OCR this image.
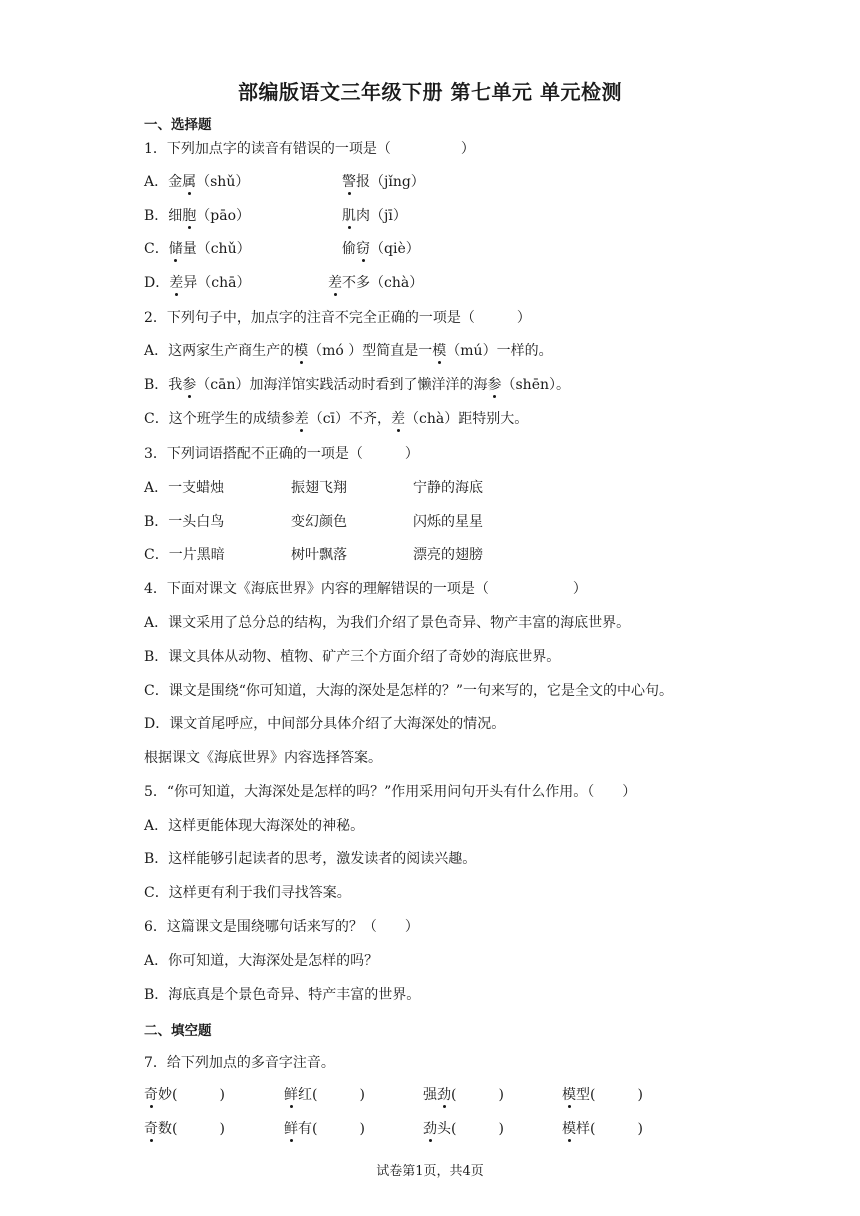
部编版语文三年级下册 第七单元 单元检测
一、选择题
1．下列加点字的读音有错误的一项是（　　　　　）
A．金属（shǔ）	警报（jǐng）
B．细胞（pāo）	肌肉（jī）
C．储量（chǔ）	偷窃（qiè）
D．差异（chā）	差不多（chà）
2．下列句子中，加点字的注音不完全正确的一项是（　　　）
A．这两家生产商生产的模（mó ）型简直是一模（mú）一样的。
B．我参（cān）加海洋馆实践活动时看到了懒洋洋的海参（shēn）。
C．这个班学生的成绩参差（cī）不齐，差（chà）距特别大。
3．下列词语搭配不正确的一项是（　　　）
A．一支蜡烛	振翅飞翔	宁静的海底
B．一头白鸟	变幻颜色	闪烁的星星
C．一片黑暗	树叶飘落	漂亮的翅膀
4．下面对课文《海底世界》内容的理解错误的一项是（　　　　　　）
A．课文采用了总分总的结构，为我们介绍了景色奇异、物产丰富的海底世界。
B．课文具体从动物、植物、矿产三个方面介绍了奇妙的海底世界。
C．课文是围绕“你可知道，大海的深处是怎样的？”一句来写的，它是全文的中心句。
D．课文首尾呼应，中间部分具体介绍了大海深处的情况。
根据课文《海底世界》内容选择答案。
5．“你可知道，大海深处是怎样的吗？”作用采用问句开头有什么作用。（　　）
A．这样更能体现大海深处的神秘。
B．这样能够引起读者的思考，激发读者的阅读兴趣。
C．这样更有利于我们寻找答案。
6．这篇课文是围绕哪句话来写的？（　　）
A．你可知道，大海深处是怎样的吗？
B．海底真是个景色奇异、特产丰富的世界。
二、填空题
7．给下列加点的多音字注音。
奇妙(　　　)	鲜红(　　　)	强劲(　　　)	模型(　　　)
奇数(　　　)	鲜有(　　　)	劲头(　　　)	模样(　　　)
试卷第1页，共4页
